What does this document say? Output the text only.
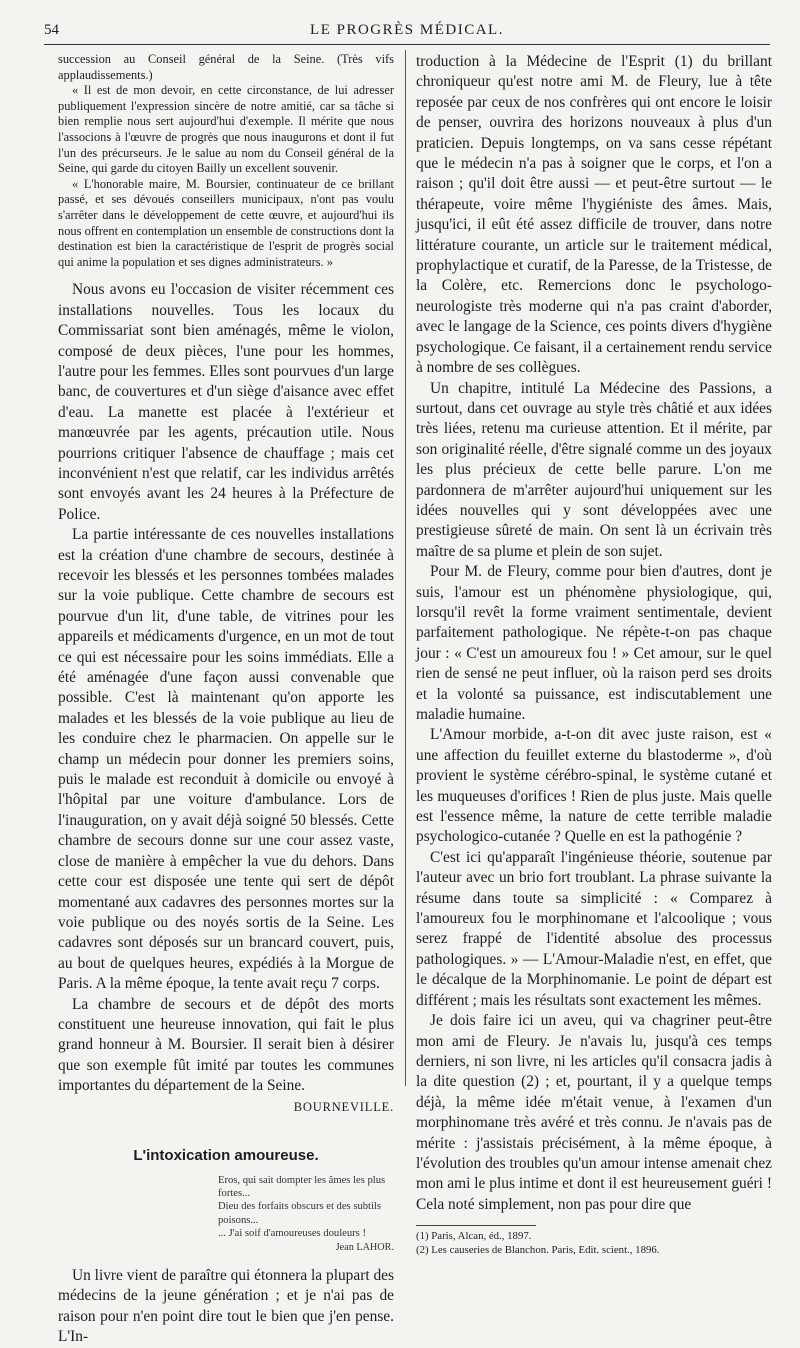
54	LE PROGRÈS MÉDICAL.

succession au Conseil général de la Seine. (Très vifs applaudissements.)

« Il est de mon devoir, en cette circonstance, de lui adresser publiquement l'expression sincère de notre amitié, car sa tâche si bien remplie nous sert aujourd'hui d'exemple. Il mérite que nous l'associons à l'œuvre de progrès que nous inaugurons et dont il fut l'un des précurseurs. Je le salue au nom du Conseil général de la Seine, qui garde du citoyen Bailly un excellent souvenir.

« L'honorable maire, M. Boursier, continuateur de ce brillant passé, et ses dévoués conseillers municipaux, n'ont pas voulu s'arrêter dans le développement de cette œuvre, et aujourd'hui ils nous offrent en contemplation un ensemble de constructions dont la destination est bien la caractéristique de l'esprit de progrès social qui anime la population et ses dignes administrateurs. »

Nous avons eu l'occasion de visiter récemment ces installations nouvelles. Tous les locaux du Commissariat sont bien aménagés, même le violon, composé de deux pièces, l'une pour les hommes, l'autre pour les femmes. Elles sont pourvues d'un large banc, de couvertures et d'un siège d'aisance avec effet d'eau. La manette est placée à l'extérieur et manœuvrée par les agents, précaution utile. Nous pourrions critiquer l'absence de chauffage ; mais cet inconvénient n'est que relatif, car les individus arrêtés sont envoyés avant les 24 heures à la Préfecture de Police.

La partie intéressante de ces nouvelles installations est la création d'une chambre de secours, destinée à recevoir les blessés et les personnes tombées malades sur la voie publique. Cette chambre de secours est pourvue d'un lit, d'une table, de vitrines pour les appareils et médicaments d'urgence, en un mot de tout ce qui est nécessaire pour les soins immédiats. Elle a été aménagée d'une façon aussi convenable que possible. C'est là maintenant qu'on apporte les malades et les blessés de la voie publique au lieu de les conduire chez le pharmacien. On appelle sur le champ un médecin pour donner les premiers soins, puis le malade est reconduit à domicile ou envoyé à l'hôpital par une voiture d'ambulance. Lors de l'inauguration, on y avait déjà soigné 50 blessés. Cette chambre de secours donne sur une cour assez vaste, close de manière à empêcher la vue du dehors. Dans cette cour est disposée une tente qui sert de dépôt momentané aux cadavres des personnes mortes sur la voie publique ou des noyés sortis de la Seine. Les cadavres sont déposés sur un brancard couvert, puis, au bout de quelques heures, expédiés à la Morgue de Paris. A la même époque, la tente avait reçu 7 corps.

La chambre de secours et de dépôt des morts constituent une heureuse innovation, qui fait le plus grand honneur à M. Boursier. Il serait bien à désirer que son exemple fût imité par toutes les communes importantes du département de la Seine.

BOURNEVILLE.
L'intoxication amoureuse.
Eros, qui sait dompter les âmes les plus fortes...
Dieu des forfaits obscurs et des subtils poisons...
... J'ai soif d'amoureuses douleurs !
Jean LAHOR.

Un livre vient de paraître qui étonnera la plupart des médecins de la jeune génération ; et je n'ai pas de raison pour n'en point dire tout le bien que j'en pense. L'In-

troduction à la Médecine de l'Esprit (1) du brillant chroniqueur qu'est notre ami M. de Fleury, lue à tête reposée par ceux de nos confrères qui ont encore le loisir de penser, ouvrira des horizons nouveaux à plus d'un praticien. Depuis longtemps, on va sans cesse répétant que le médecin n'a pas à soigner que le corps, et l'on a raison ; qu'il doit être aussi — et peut-être surtout — le thérapeute, voire même l'hygiéniste des âmes. Mais, jusqu'ici, il eût été assez difficile de trouver, dans notre littérature courante, un article sur le traitement médical, prophylactique et curatif, de la Paresse, de la Tristesse, de la Colère, etc. Remercions donc le psychologo-neurologiste très moderne qui n'a pas craint d'aborder, avec le langage de la Science, ces points divers d'hygiène psychologique. Ce faisant, il a certainement rendu service à nombre de ses collègues.

Un chapitre, intitulé La Médecine des Passions, a surtout, dans cet ouvrage au style très châtié et aux idées très liées, retenu ma curieuse attention. Et il mérite, par son originalité réelle, d'être signalé comme un des joyaux les plus précieux de cette belle parure. L'on me pardonnera de m'arrêter aujourd'hui uniquement sur les idées nouvelles qui y sont développées avec une prestigieuse sûreté de main. On sent là un écrivain très maître de sa plume et plein de son sujet.

Pour M. de Fleury, comme pour bien d'autres, dont je suis, l'amour est un phénomène physiologique, qui, lorsqu'il revêt la forme vraiment sentimentale, devient parfaitement pathologique. Ne répète-t-on pas chaque jour : « C'est un amoureux fou ! » Cet amour, sur le quel rien de sensé ne peut influer, où la raison perd ses droits et la volonté sa puissance, est indiscutablement une maladie humaine.

L'Amour morbide, a-t-on dit avec juste raison, est « une affection du feuillet externe du blastoderme », d'où provient le système cérébro-spinal, le système cutané et les muqueuses d'orifices ! Rien de plus juste. Mais quelle est l'essence même, la nature de cette terrible maladie psychologico-cutanée ? Quelle en est la pathogénie ?

C'est ici qu'apparaît l'ingénieuse théorie, soutenue par l'auteur avec un brio fort troublant. La phrase suivante la résume dans toute sa simplicité : « Comparez à l'amoureux fou le morphinomane et l'alcoolique ; vous serez frappé de l'identité absolue des processus pathologiques. » — L'Amour-Maladie n'est, en effet, que le décalque de la Morphinomanie. Le point de départ est différent ; mais les résultats sont exactement les mêmes.

Je dois faire ici un aveu, qui va chagriner peut-être mon ami de Fleury. Je n'avais lu, jusqu'à ces temps derniers, ni son livre, ni les articles qu'il consacra jadis à la dite question (2) ; et, pourtant, il y a quelque temps déjà, la même idée m'était venue, à l'examen d'un morphinomane très avéré et très connu. Je n'avais pas de mérite : j'assistais précisément, à la même époque, à l'évolution des troubles qu'un amour intense amenait chez mon ami le plus intime et dont il est heureusement guéri ! Cela noté simplement, non pas pour dire que

(1) Paris, Alcan, éd., 1897.
(2) Les causeries de Blanchon. Paris, Edit. scient., 1896.
